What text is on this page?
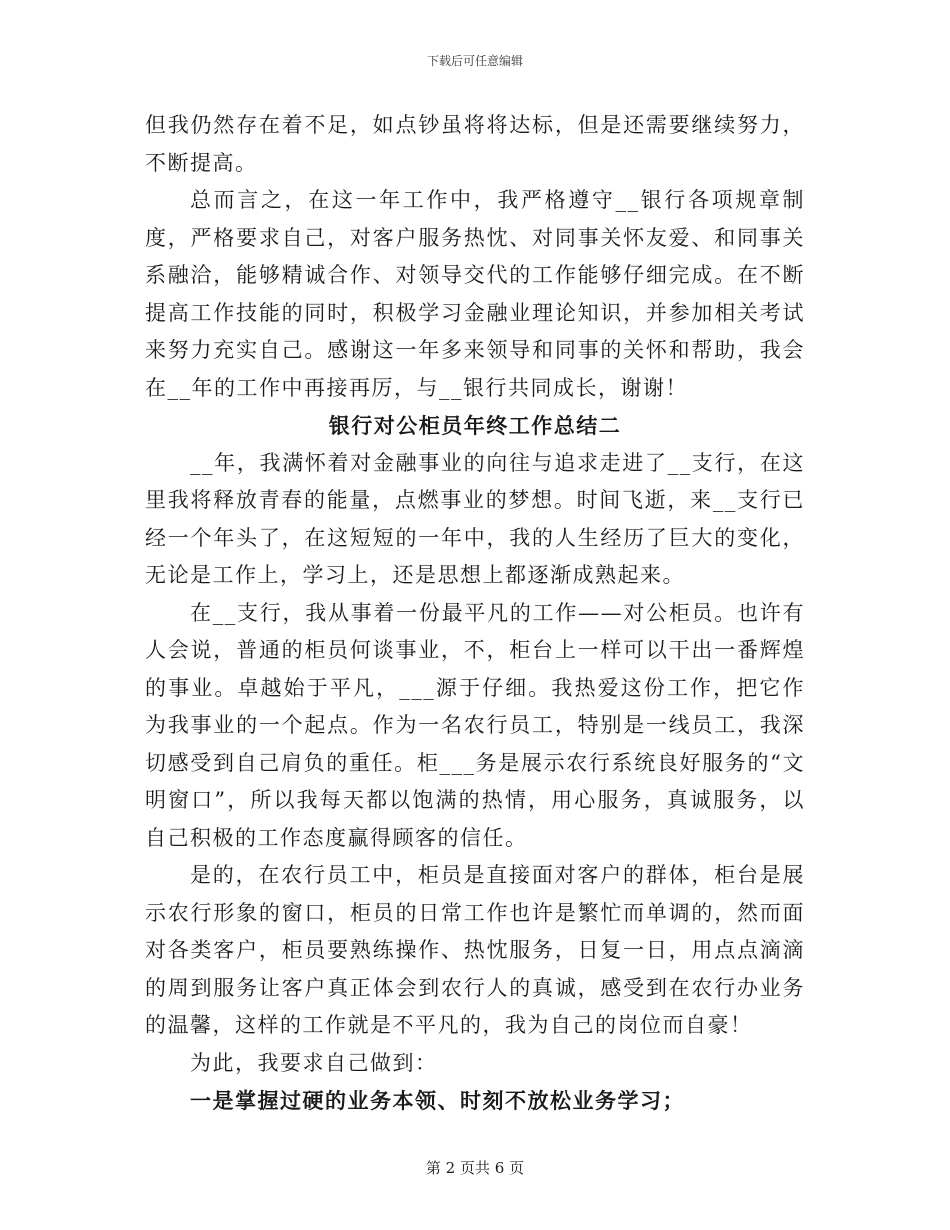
下载后可任意编辑

但我仍然存在着不足，如点钞虽将将达标，但是还需要继续努力，不断提高。

总而言之，在这一年工作中，我严格遵守__银行各项规章制度，严格要求自己，对客户服务热忱、对同事关怀友爱、和同事关系融洽，能够精诚合作、对领导交代的工作能够仔细完成。在不断提高工作技能的同时，积极学习金融业理论知识，并参加相关考试来努力充实自己。感谢这一年多来领导和同事的关怀和帮助，我会在__年的工作中再接再厉，与__银行共同成长，谢谢！

银行对公柜员年终工作总结二

__年，我满怀着对金融事业的向往与追求走进了__支行，在这里我将释放青春的能量，点燃事业的梦想。时间飞逝，来__支行已经一个年头了，在这短短的一年中，我的人生经历了巨大的变化，无论是工作上，学习上，还是思想上都逐渐成熟起来。

在__支行，我从事着一份最平凡的工作——对公柜员。也许有人会说，普通的柜员何谈事业，不，柜台上一样可以干出一番辉煌的事业。卓越始于平凡，___源于仔细。我热爱这份工作，把它作为我事业的一个起点。作为一名农行员工，特别是一线员工，我深切感受到自己肩负的重任。柜___务是展示农行系统良好服务的“文明窗口”，所以我每天都以饱满的热情，用心服务，真诚服务，以自己积极的工作态度赢得顾客的信任。

是的，在农行员工中，柜员是直接面对客户的群体，柜台是展示农行形象的窗口，柜员的日常工作也许是繁忙而单调的，然而面对各类客户，柜员要熟练操作、热忱服务，日复一日，用点点滴滴的周到服务让客户真正体会到农行人的真诚，感受到在农行办业务的温馨，这样的工作就是不平凡的，我为自己的岗位而自豪！

为此，我要求自己做到：

一是掌握过硬的业务本领、时刻不放松业务学习；

第 2 页共 6 页
